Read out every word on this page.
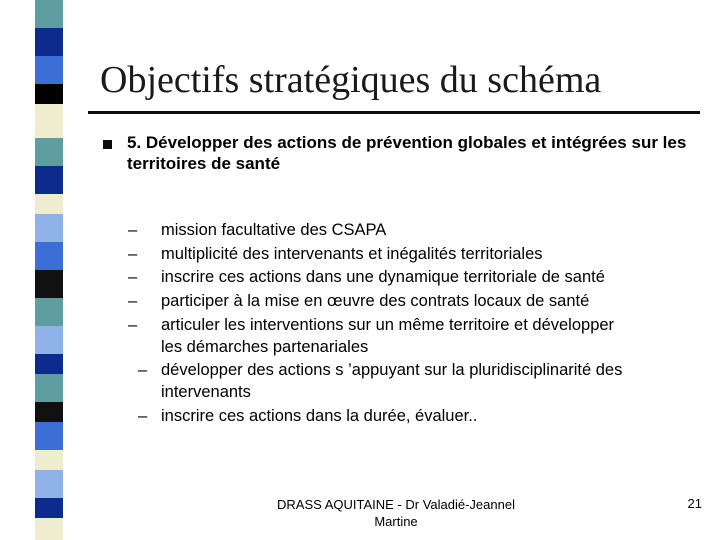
Objectifs stratégiques du schéma
5. Développer des actions de prévention globales et intégrées sur les territoires de santé
– mission facultative des CSAPA
– multiplicité des intervenants et inégalités territoriales
– inscrire ces actions dans une dynamique territoriale de santé
– participer à la mise en œuvre des contrats locaux de santé
– articuler les interventions sur un même territoire et développer les démarches partenariales
– développer des actions s ’appuyant sur la pluridisciplinarité des intervenants
– inscrire ces actions dans la durée, évaluer..
DRASS AQUITAINE - Dr Valadié-Jeannel Martine
21
